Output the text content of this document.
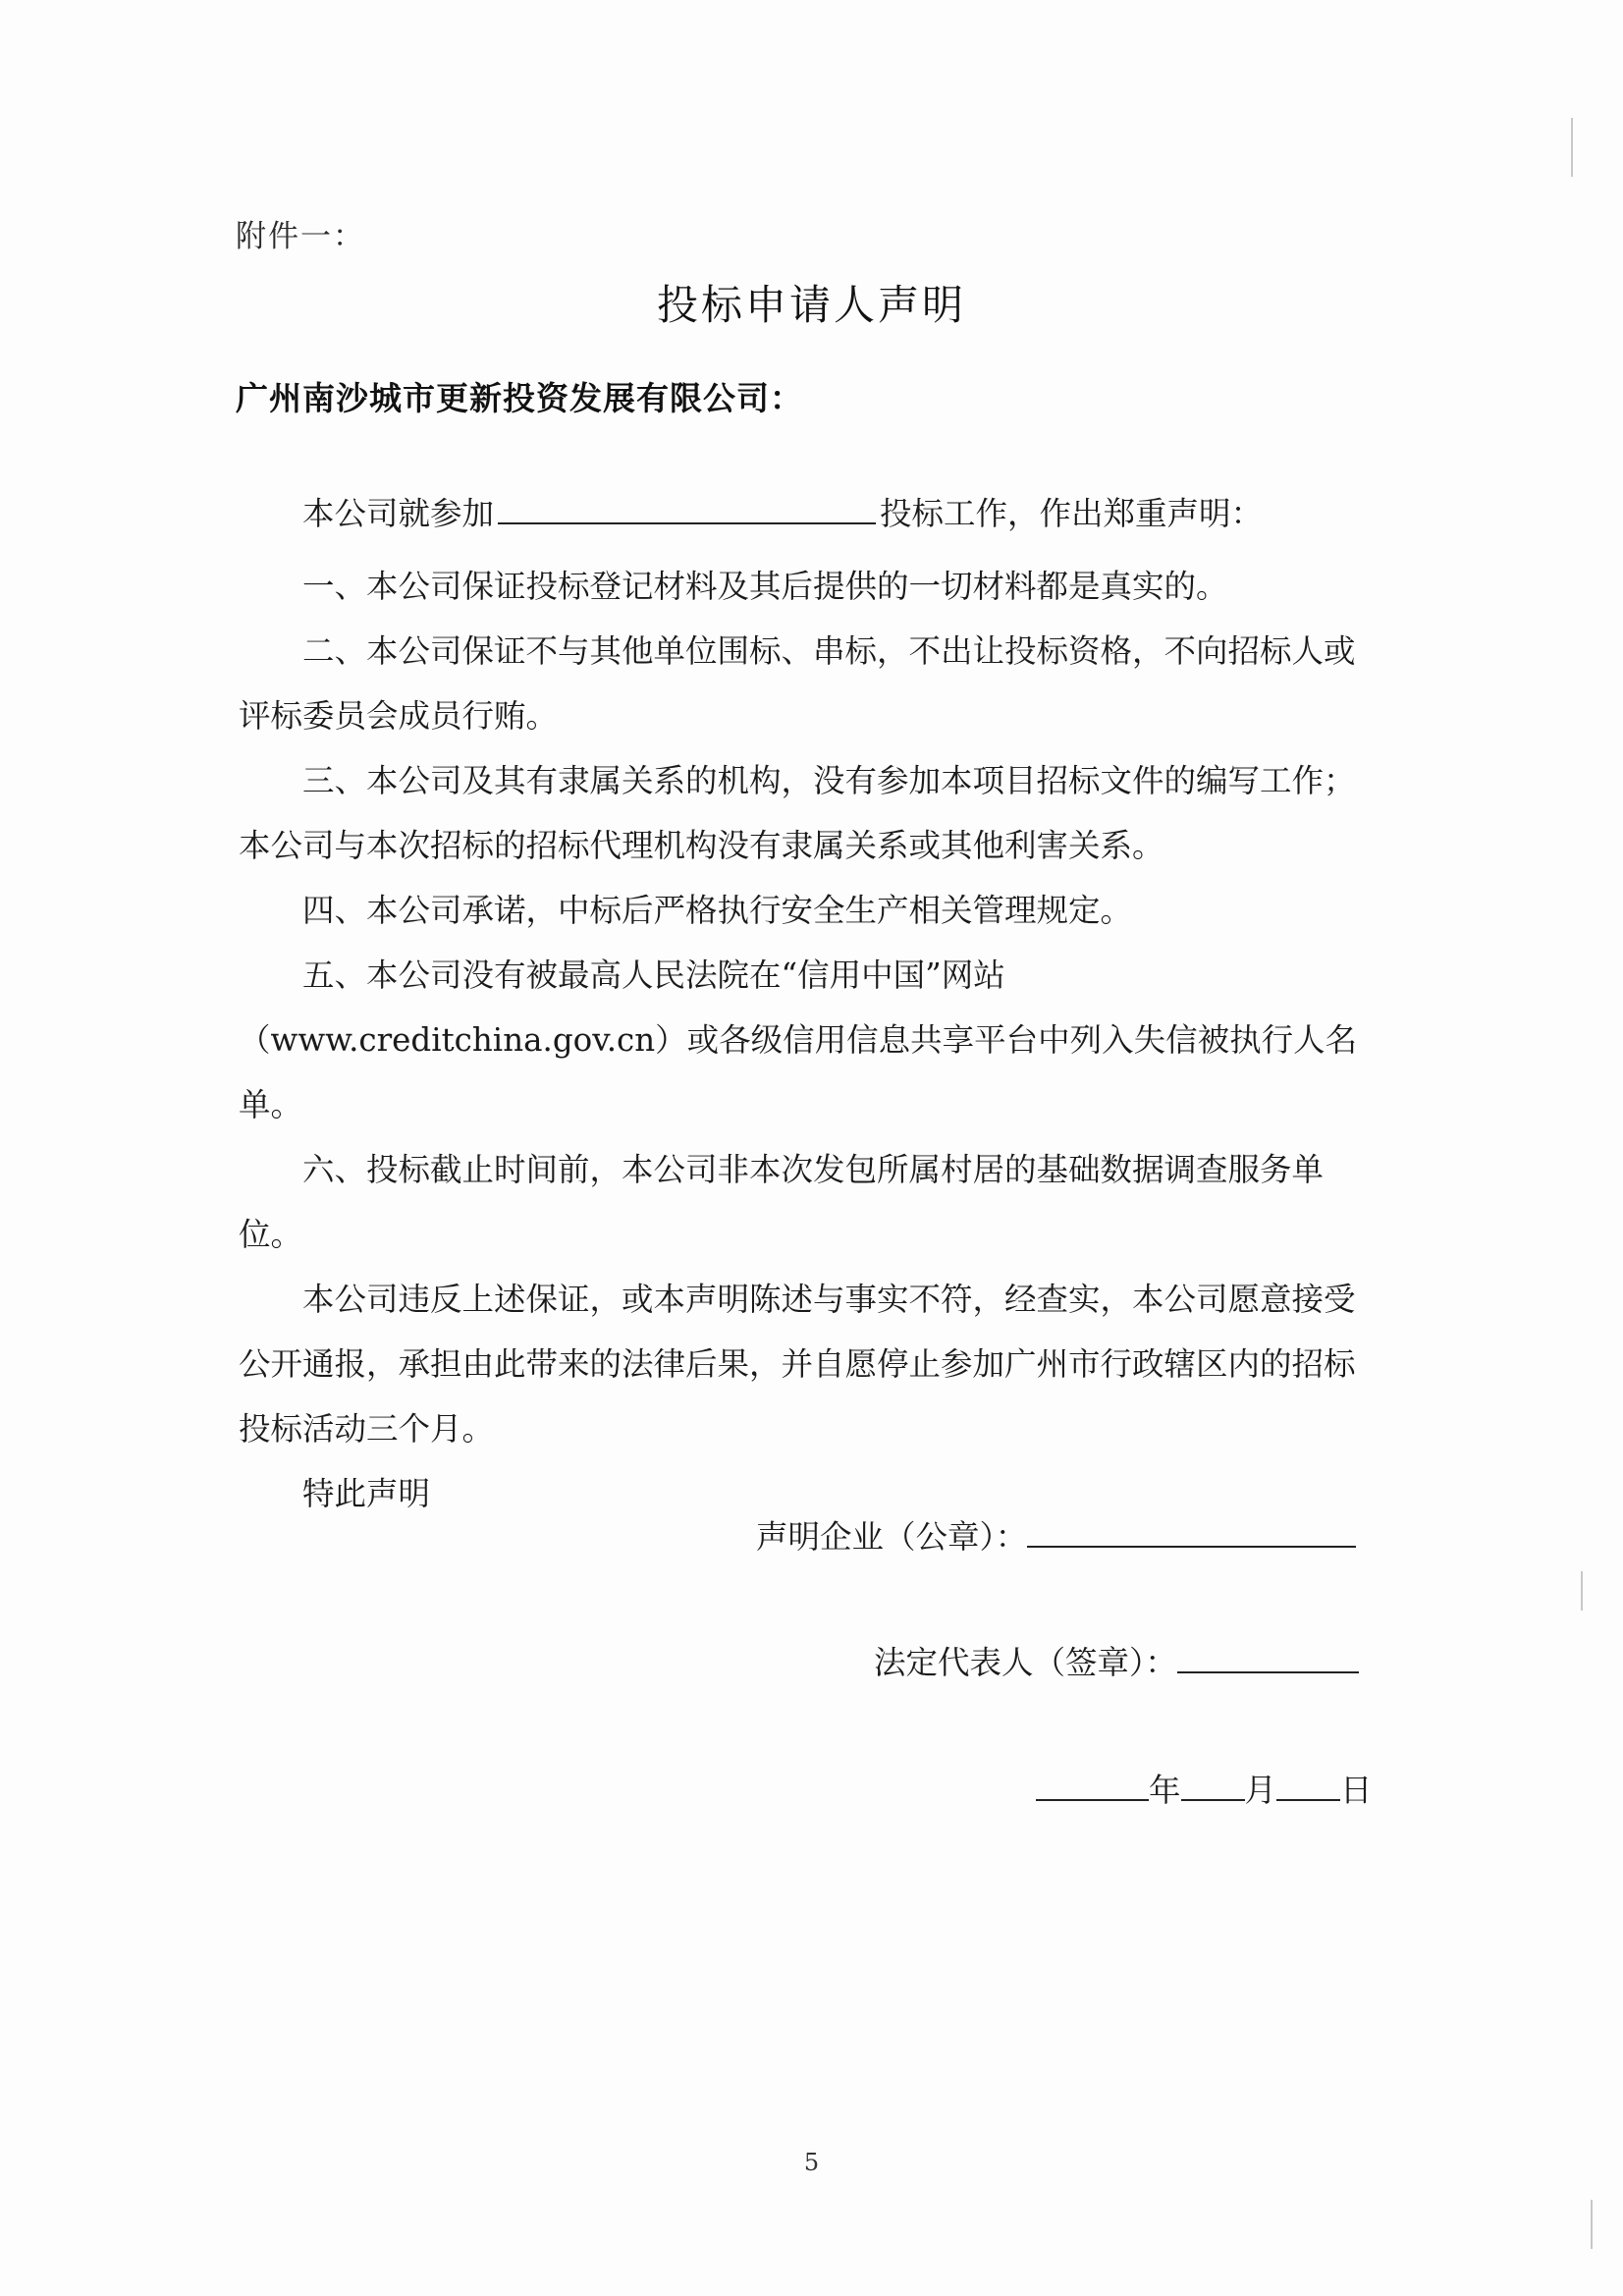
附件一：
投标申请人声明
广州南沙城市更新投资发展有限公司：
本公司就参加	投标工作，作出郑重声明：

一、本公司保证投标登记材料及其后提供的一切材料都是真实的。

二、本公司保证不与其他单位围标、串标，不出让投标资格，不向招标人或评标委员会成员行贿。

三、本公司及其有隶属关系的机构，没有参加本项目招标文件的编写工作；本公司与本次招标的招标代理机构没有隶属关系或其他利害关系。

四、本公司承诺，中标后严格执行安全生产相关管理规定。

五、本公司没有被最高人民法院在“信用中国”网站（www.creditchina.gov.cn）或各级信用信息共享平台中列入失信被执行人名单。

六、投标截止时间前，本公司非本次发包所属村居的基础数据调查服务单位。

本公司违反上述保证，或本声明陈述与事实不符，经查实，本公司愿意接受公开通报，承担由此带来的法律后果，并自愿停止参加广州市行政辖区内的招标投标活动三个月。

特此声明

声明企业（公章）：
法定代表人（签章）：
年 月 日
5
